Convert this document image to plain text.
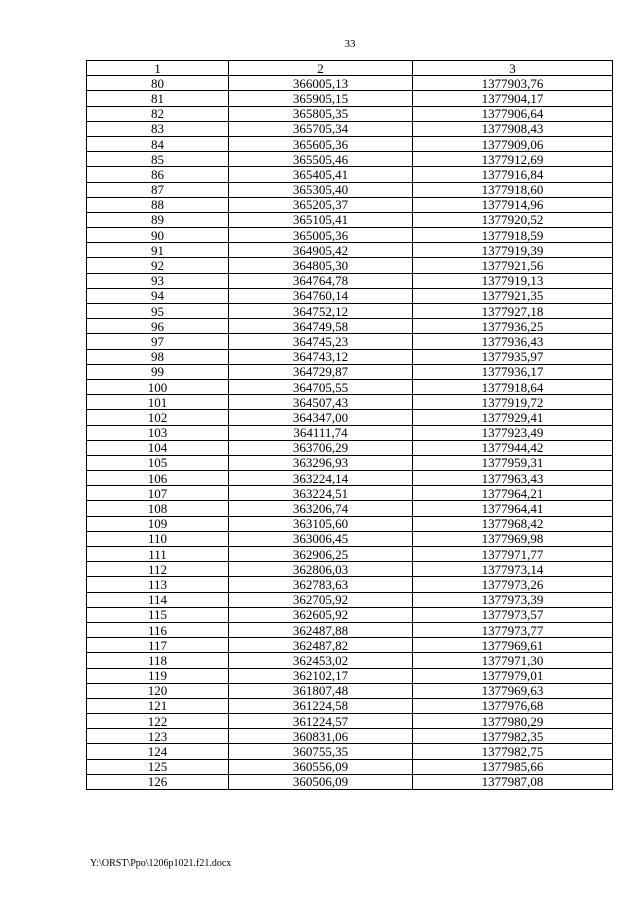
33
1	2	3
80	366005,13	1377903,76
81	365905,15	1377904,17
82	365805,35	1377906,64
83	365705,34	1377908,43
84	365605,36	1377909,06
85	365505,46	1377912,69
86	365405,41	1377916,84
87	365305,40	1377918,60
88	365205,37	1377914,96
89	365105,41	1377920,52
90	365005,36	1377918,59
91	364905,42	1377919,39
92	364805,30	1377921,56
93	364764,78	1377919,13
94	364760,14	1377921,35
95	364752,12	1377927,18
96	364749,58	1377936,25
97	364745,23	1377936,43
98	364743,12	1377935,97
99	364729,87	1377936,17
100	364705,55	1377918,64
101	364507,43	1377919,72
102	364347,00	1377929,41
103	364111,74	1377923,49
104	363706,29	1377944,42
105	363296,93	1377959,31
106	363224,14	1377963,43
107	363224,51	1377964,21
108	363206,74	1377964,41
109	363105,60	1377968,42
110	363006,45	1377969,98
111	362906,25	1377971,77
112	362806,03	1377973,14
113	362783,63	1377973,26
114	362705,92	1377973,39
115	362605,92	1377973,57
116	362487,88	1377973,77
117	362487,82	1377969,61
118	362453,02	1377971,30
119	362102,17	1377979,01
120	361807,48	1377969,63
121	361224,58	1377976,68
122	361224,57	1377980,29
123	360831,06	1377982,35
124	360755,35	1377982,75
125	360556,09	1377985,66
126	360506,09	1377987,08
Y:\ORST\Ppo\1206p1021.f21.docx
